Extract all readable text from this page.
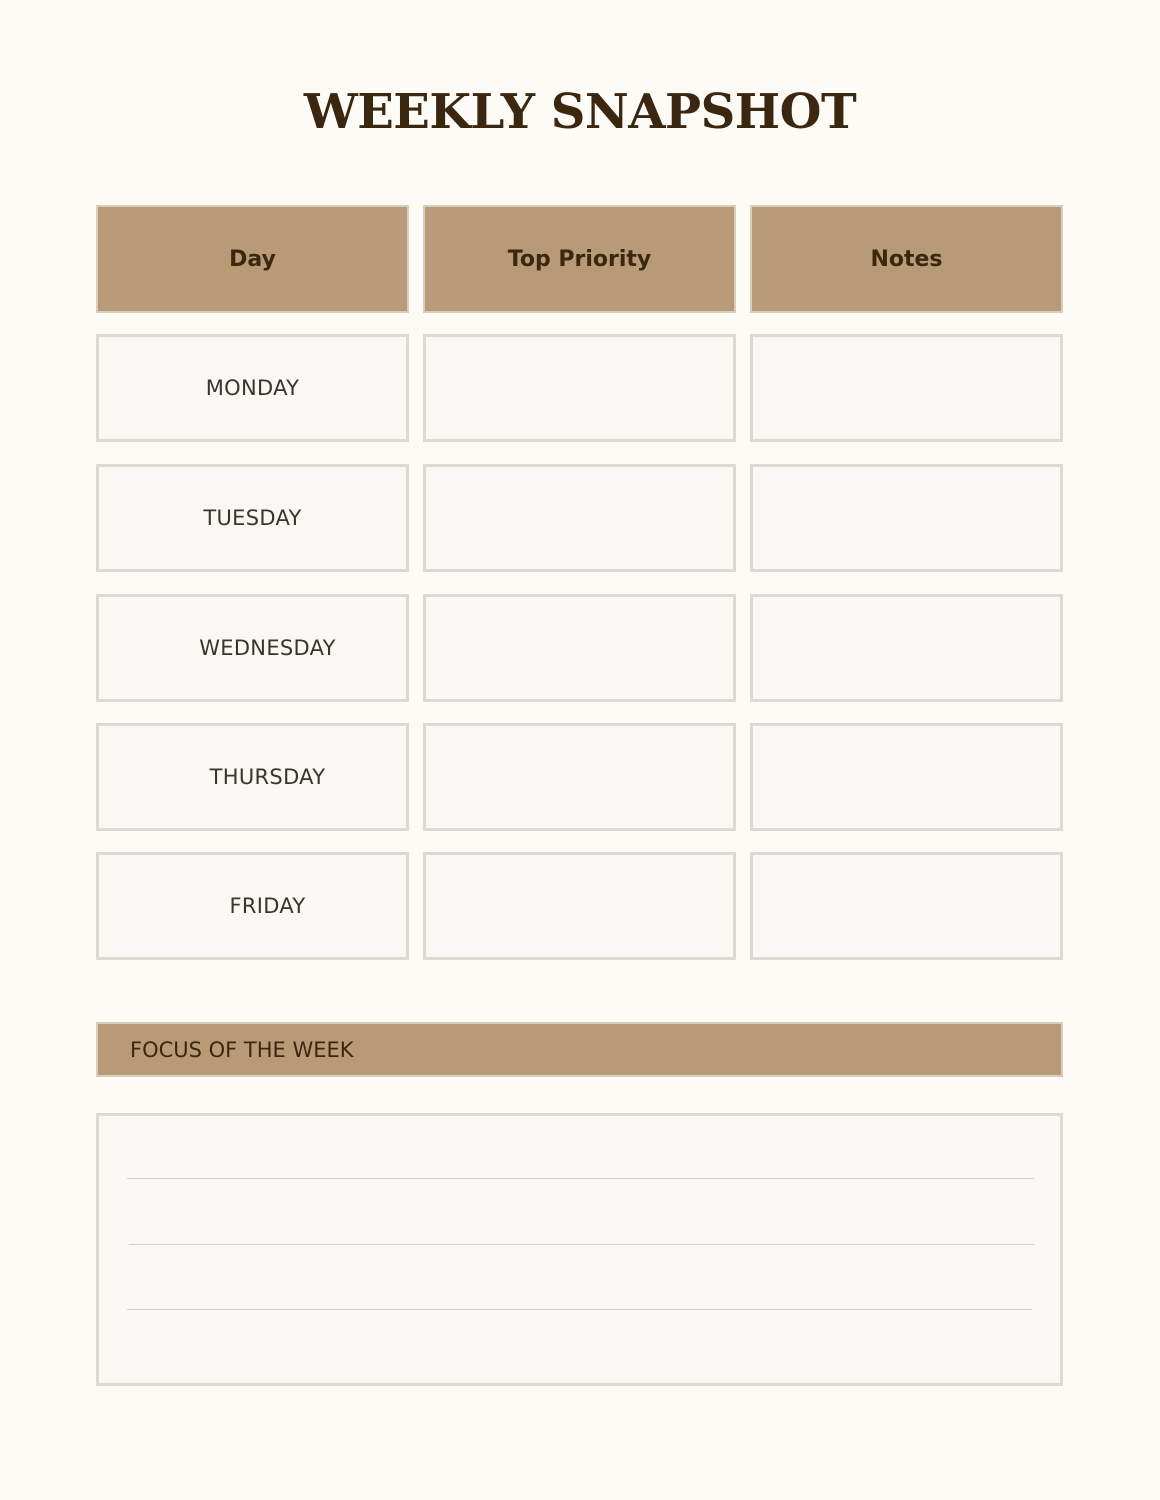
WEEKLY SNAPSHOT
Day	Top Priority	Notes
MONDAY
TUESDAY
WEDNESDAY
THURSDAY
FRIDAY
FOCUS OF THE WEEK
